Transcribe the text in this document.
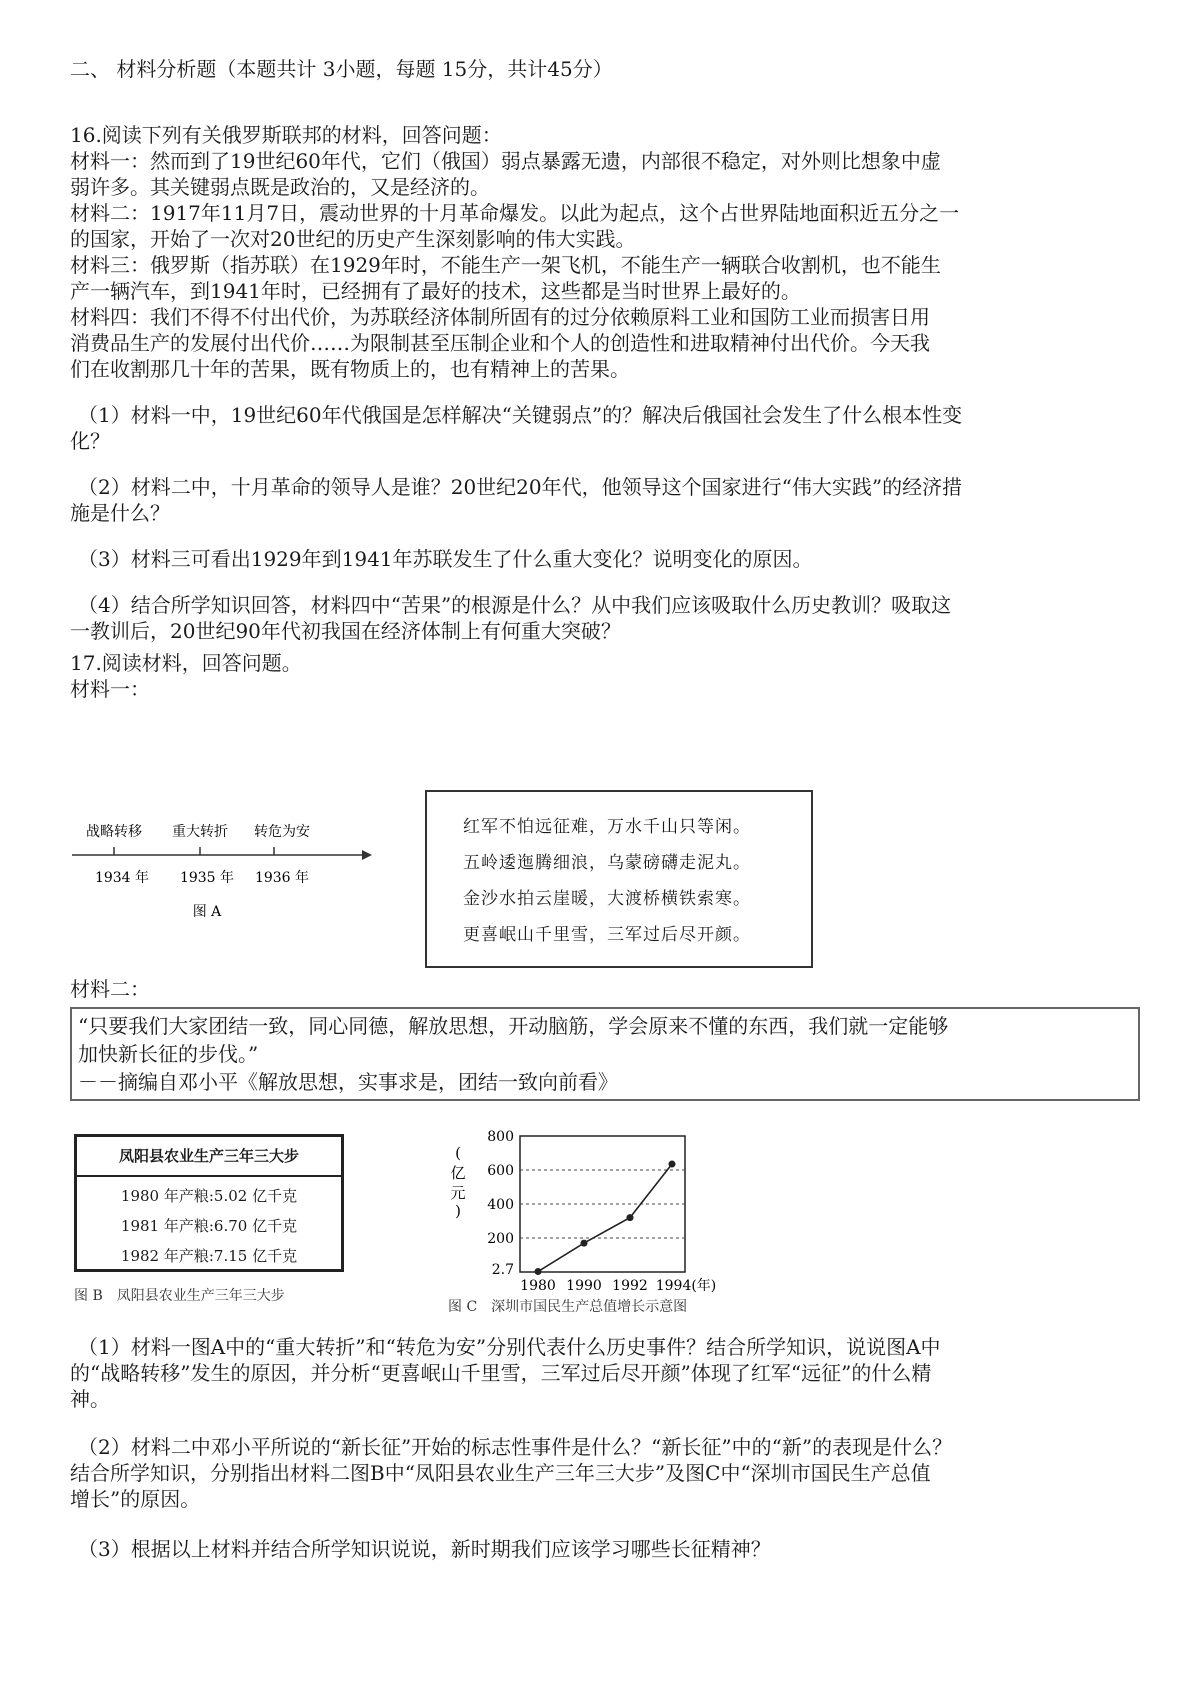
二、 材料分析题（本题共计 3小题，每题 15分，共计45分）
16.阅读下列有关俄罗斯联邦的材料，回答问题：
材料一：然而到了19世纪60年代，它们（俄国）弱点暴露无遗，内部很不稳定，对外则比想象中虚
弱许多。其关键弱点既是政治的，又是经济的。
材料二：1917年11月7日，震动世界的十月革命爆发。以此为起点，这个占世界陆地面积近五分之一
的国家，开始了一次对20世纪的历史产生深刻影响的伟大实践。
材料三：俄罗斯（指苏联）在1929年时，不能生产一架飞机，不能生产一辆联合收割机，也不能生
产一辆汽车，到1941年时，已经拥有了最好的技术，这些都是当时世界上最好的。
材料四：我们不得不付出代价，为苏联经济体制所固有的过分依赖原料工业和国防工业而损害日用
消费品生产的发展付出代价……为限制甚至压制企业和个人的创造性和进取精神付出代价。今天我
们在收割那几十年的苦果，既有物质上的，也有精神上的苦果。
（1）材料一中，19世纪60年代俄国是怎样解决“关键弱点”的？解决后俄国社会发生了什么根本性变
化？
（2）材料二中，十月革命的领导人是谁？20世纪20年代，他领导这个国家进行“伟大实践”的经济措
施是什么？
（3）材料三可看出1929年到1941年苏联发生了什么重大变化？说明变化的原因。
（4）结合所学知识回答，材料四中“苦果”的根源是什么？从中我们应该吸取什么历史教训？吸取这
一教训后，20世纪90年代初我国在经济体制上有何重大突破？
17.阅读材料，回答问题。
材料一：
战略转移 重大转折 转危为安
1934 年 1935 年 1936 年
图 A
红军不怕远征难，万水千山只等闲。
五岭逶迤腾细浪，乌蒙磅礴走泥丸。
金沙水拍云崖暖，大渡桥横铁索寒。
更喜岷山千里雪，三军过后尽开颜。
材料二：
“只要我们大家团结一致，同心同德，解放思想，开动脑筋，学会原来不懂的东西，我们就一定能够
加快新长征的步伐。”
－－摘编自邓小平《解放思想，实事求是，团结一致向前看》
凤阳县农业生产三年三大步
1980 年产粮:5.02 亿千克
1981 年产粮:6.70 亿千克
1982 年产粮:7.15 亿千克
图 B　凤阳县农业生产三年三大步
(
亿
元
)
800
600
400
200
2.7
1980 1990 1992 1994(年)
图 C　深圳市国民生产总值增长示意图
（1）材料一图A中的“重大转折”和“转危为安”分别代表什么历史事件？结合所学知识，说说图A中
的“战略转移”发生的原因，并分析“更喜岷山千里雪，三军过后尽开颜”体现了红军“远征”的什么精
神。
（2）材料二中邓小平所说的“新长征”开始的标志性事件是什么？“新长征”中的“新”的表现是什么？
结合所学知识，分别指出材料二图B中“凤阳县农业生产三年三大步”及图C中“深圳市国民生产总值
增长”的原因。
（3）根据以上材料并结合所学知识说说，新时期我们应该学习哪些长征精神？
